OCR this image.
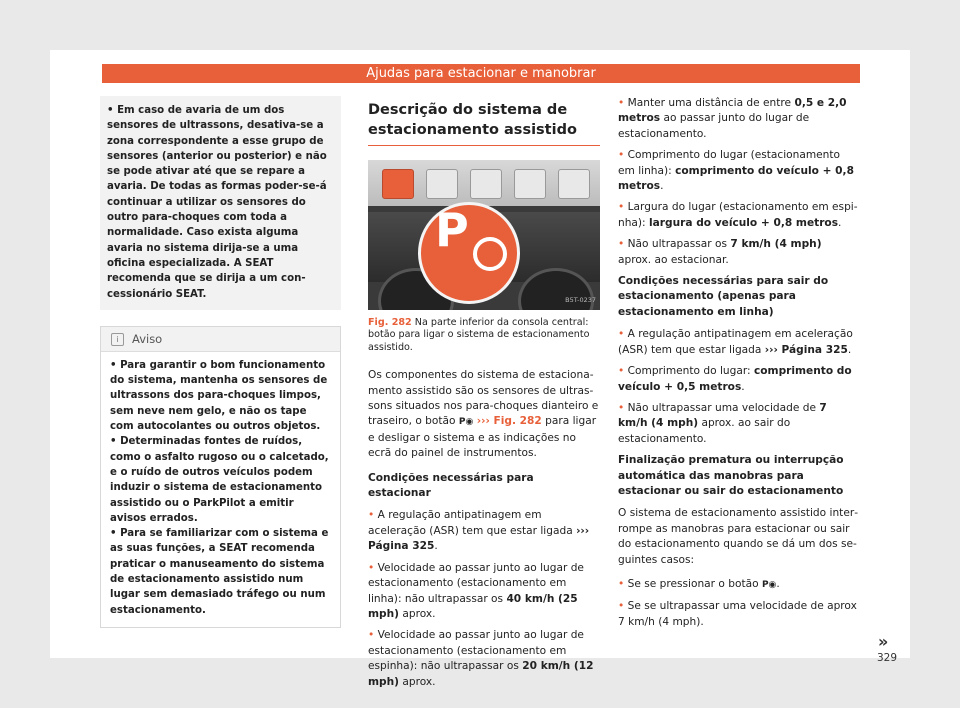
Ajudas para estacionar e manobrar
• Em caso de avaria de um dos sensores de ultrassons, desativa-se a zona correspondente a esse grupo de sensores (anterior ou posterior) e não se pode ativar até que se repare a avaria. De todas as formas poder-se-á continuar a utilizar os sensores do outro para-choques com toda a normalidade. Caso exista alguma avaria no sistema dirija-se a uma oficina especializada. A SEAT recomenda que se dirija a um concessionário SEAT.
i Aviso

• Para garantir o bom funcionamento do sistema, mantenha os sensores de ultrassons dos para-choques limpos, sem neve nem gelo, e não os tape com autocolantes ou outros objetos.

• Determinadas fontes de ruídos, como o asfalto rugoso ou o calcetado, e o ruído de outros veículos podem induzir o sistema de estacionamento assistido ou o ParkPilot a emitir avisos errados.

• Para se familiarizar com o sistema e as suas funções, a SEAT recomenda praticar o manuseamento do sistema de estacionamento assistido num lugar sem demasiado tráfego ou num estacionamento.

Descrição do sistema de estacionamento assistido
P
B5T-0237
Fig. 282 Na parte inferior da consola central: botão para ligar o sistema de estacionamento assistido.

Os componentes do sistema de estacionamento assistido são os sensores de ultrassons situados nos para-choques dianteiro e traseiro, o botão P◉ ››› Fig. 282 para ligar e desligar o sistema e as indicações no ecrã do painel de instrumentos.

Condições necessárias para estacionar

• A regulação antipatinagem em aceleração (ASR) tem que estar ligada ››› Página 325.

• Velocidade ao passar junto ao lugar de estacionamento (estacionamento em linha): não ultrapassar os 40 km/h (25 mph) aprox.

• Velocidade ao passar junto ao lugar de estacionamento (estacionamento em espinha): não ultrapassar os 20 km/h (12 mph) aprox.

• Manter uma distância de entre 0,5 e 2,0 metros ao passar junto do lugar de estacionamento.

• Comprimento do lugar (estacionamento em linha): comprimento do veículo + 0,8 metros.

• Largura do lugar (estacionamento em espinha): largura do veículo + 0,8 metros.

• Não ultrapassar os 7 km/h (4 mph) aprox. ao estacionar.

Condições necessárias para sair do estacionamento (apenas para estacionamento em linha)

• A regulação antipatinagem em aceleração (ASR) tem que estar ligada ››› Página 325.

• Comprimento do lugar: comprimento do veículo + 0,5 metros.

• Não ultrapassar uma velocidade de 7 km/h (4 mph) aprox. ao sair do estacionamento.

Finalização prematura ou interrupção automática das manobras para estacionar ou sair do estacionamento

O sistema de estacionamento assistido interrompe as manobras para estacionar ou sair do estacionamento quando se dá um dos seguintes casos:

• Se se pressionar o botão P◉.

• Se se ultrapassar uma velocidade de aprox 7 km/h (4 mph).

»
329
